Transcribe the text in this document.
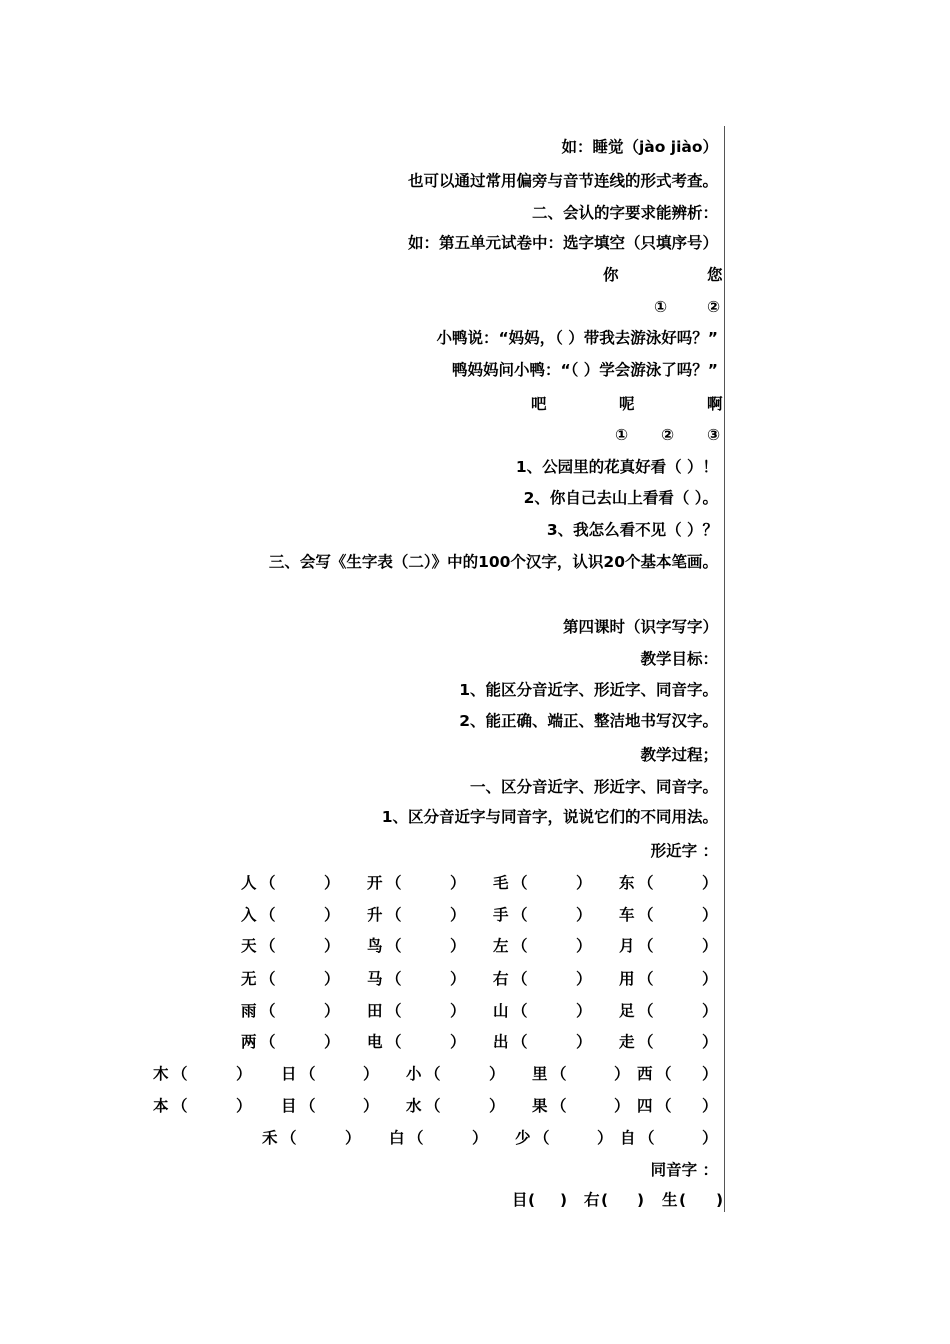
如：睡觉（jào jiào）
也可以通过常用偏旁与音节连线的形式考查。
二、会认的字要求能辨析：
如：第五单元试卷中：选字填空（只填序号）
你	您
①	②
小鸭说：“妈妈，（ ）带我去游泳好吗？”
鸭妈妈问小鸭：“（ ）学会游泳了吗？”
吧	呢	啊
① ② ③
1、公园里的花真好看（ ）！
2、你自己去山上看看（ ）。
3、我怎么看不见（ ）？
三、会写《生字表（二）》中的100个汉字，认识20个基本笔画。
第四课时（识字写字）
教学目标：
1、能区分音近字、形近字、同音字。
2、能正确、端正、整洁地书写汉字。
教学过程；
一、区分音近字、形近字、同音字。
1、区分音近字与同音字，说说它们的不同用法。
形近字 ：
人 （	） 开 （	） 毛 （	） 东 （	）
入 （	） 升 （	） 手 （	） 车 （	）
天 （	） 鸟 （	） 左 （	） 月 （	）
无 （	） 马 （	） 右 （	） 用 （	）
雨 （	） 田 （	） 山 （	） 足 （	）
两 （	） 电 （	） 出 （	） 走 （	）
木 （	） 日 （	） 小 （	） 里 （	） 西 （ ）
本 （	） 目 （	） 水 （	） 果 （	） 四 （ ）
禾 （	） 白 （	） 少 （	） 自 （	）
同音字 ：
目 ( ) 右 ( ) 生 ( )
